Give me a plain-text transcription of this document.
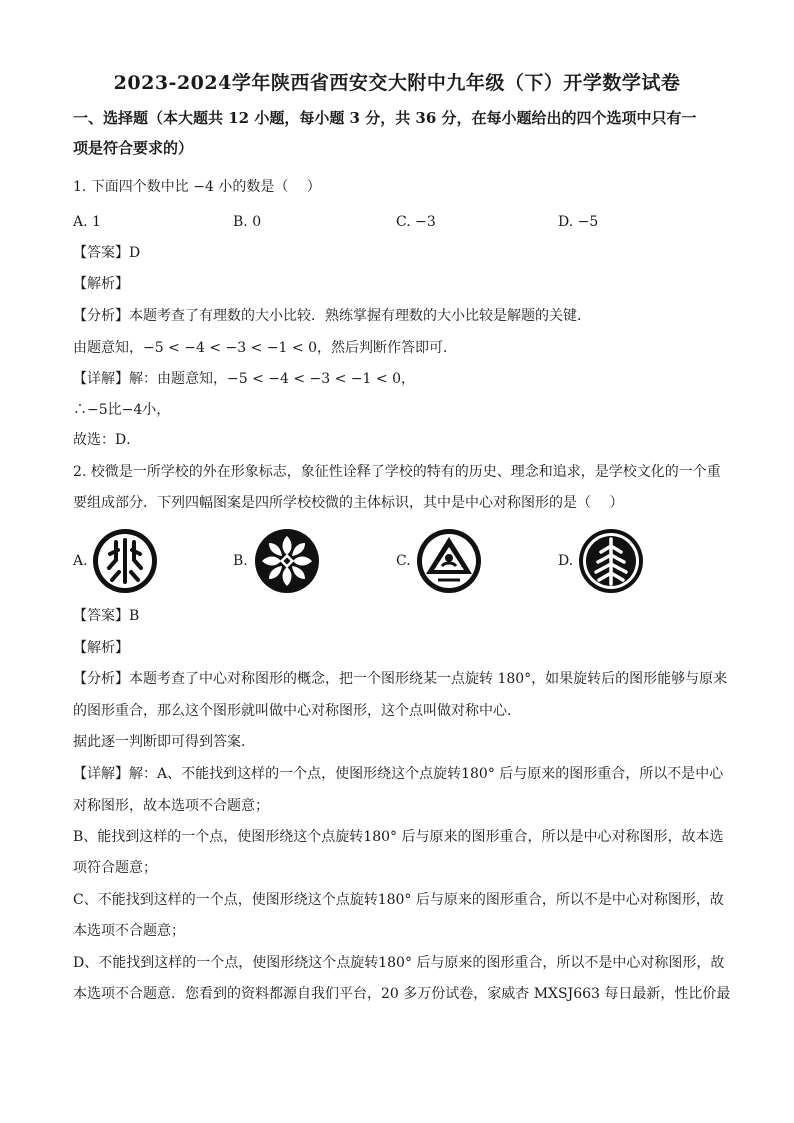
2023-2024学年陕西省西安交大附中九年级（下）开学数学试卷
一、选择题（本大题共 12 小题，每小题 3 分，共 36 分，在每小题给出的四个选项中只有一
项是符合要求的）
1. 下面四个数中比 −4 小的数是（　 ）
A. 1	B. 0	C. −3	D. −5
【答案】D
【解析】
【分析】本题考查了有理数的大小比较．熟练掌握有理数的大小比较是解题的关键．
由题意知，−5 < −4 < −3 < −1 < 0，然后判断作答即可．
【详解】解：由题意知，−5 < −4 < −3 < −1 < 0，
∴−5比−4小，
故选：D．
2. 校微是一所学校的外在形象标志，象征性诠释了学校的特有的历史、理念和追求，是学校文化的一个重
要组成部分．下列四幅图案是四所学校校微的主体标识，其中是中心对称图形的是（　 ）
A.	B.	C.	D.
【答案】B
【解析】
【分析】本题考查了中心对称图形的概念，把一个图形绕某一点旋转 180°，如果旋转后的图形能够与原来
的图形重合，那么这个图形就叫做中心对称图形，这个点叫做对称中心．
据此逐一判断即可得到答案．
【详解】解：A、不能找到这样的一个点，使图形绕这个点旋转180° 后与原来的图形重合，所以不是中心
对称图形，故本选项不合题意；
B、能找到这样的一个点，使图形绕这个点旋转180° 后与原来的图形重合，所以是中心对称图形，故本选
项符合题意；
C、不能找到这样的一个点，使图形绕这个点旋转180° 后与原来的图形重合，所以不是中心对称图形，故
本选项不合题意；
D、不能找到这样的一个点，使图形绕这个点旋转180° 后与原来的图形重合，所以不是中心对称图形，故
本选项不合题意．您看到的资料都源自我们平台，20 多万份试卷，家威杏 MXSJ663 每日最新，性比价最
